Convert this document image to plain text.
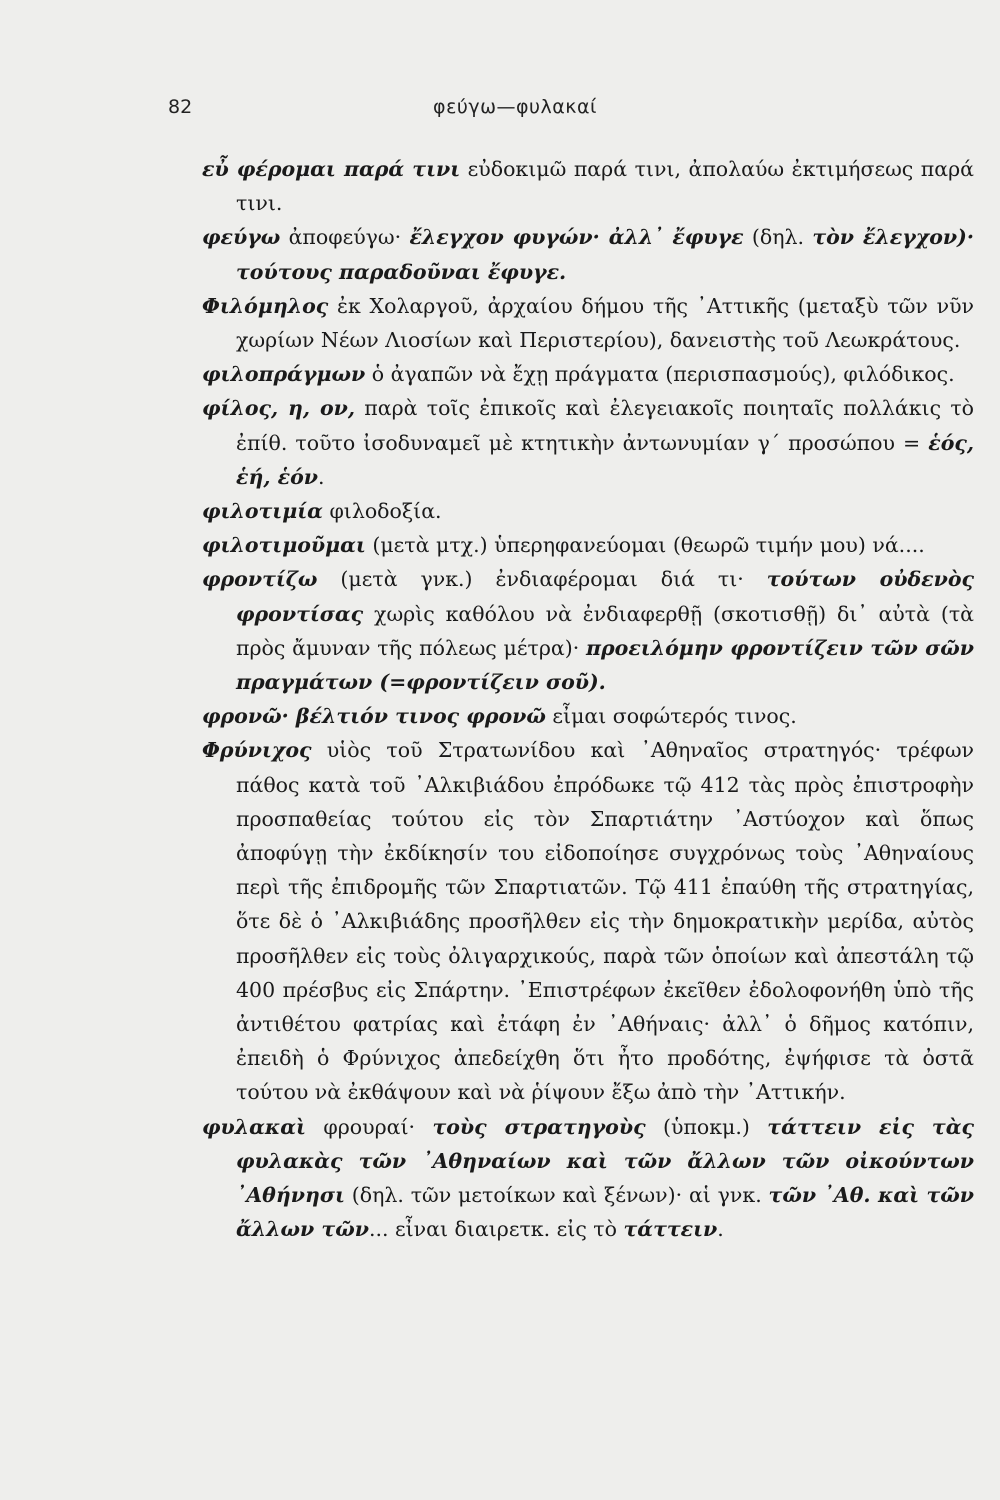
82	φεύγω—φυλακαί

εὖ φέρομαι παρά τινι εὐδοκιμῶ παρά τινι, ἀπολαύω ἐκτιμήσεως παρά τινι.

φεύγω ἀποφεύγω· ἔλεγχον φυγών· ἀλλ᾽ ἔφυγε (δηλ. τὸν ἔλεγχον)· τούτους παραδοῦναι ἔφυγε.

Φιλόμηλος ἐκ Χολαργοῦ, ἀρχαίου δήμου τῆς ᾽Αττικῆς (μεταξὺ τῶν νῦν χωρίων Νέων Λιοσίων καὶ Περιστερίου), δανειστὴς τοῦ Λεωκράτους.

φιλοπράγμων ὁ ἀγαπῶν νὰ ἔχῃ πράγματα (περισπασμούς), φιλόδικος.

φίλος, η, ον, παρὰ τοῖς ἐπικοῖς καὶ ἐλεγειακοῖς ποιηταῖς πολλάκις τὸ ἐπίθ. τοῦτο ἰσοδυναμεῖ μὲ κτητικὴν ἀντωνυμίαν γ΄ προσώπου = ἑός, ἑή, ἑόν.

φιλοτιμία φιλοδοξία.

φιλοτιμοῦμαι (μετὰ μτχ.) ὑπερηφανεύομαι (θεωρῶ τιμήν μου) νά....

φροντίζω (μετὰ γνκ.) ἐνδιαφέρομαι διά τι· τούτων οὐδενὸς φροντίσας χωρὶς καθόλου νὰ ἐνδιαφερθῇ (σκοτισθῇ) δι᾽ αὐτὰ (τὰ πρὸς ἄμυναν τῆς πόλεως μέτρα)· προειλόμην φροντίζειν τῶν σῶν πραγμάτων (=φροντίζειν σοῦ).

φρονῶ· βέλτιόν τινος φρονῶ εἶμαι σοφώτερός τινος.

Φρύνιχος υἱὸς τοῦ Στρατωνίδου καὶ ᾽Αθηναῖος στρατηγός· τρέφων πάθος κατὰ τοῦ ᾽Αλκιβιάδου ἐπρόδωκε τῷ 412 τὰς πρὸς ἐπιστροφὴν προσπαθείας τούτου εἰς τὸν Σπαρτιάτην ᾽Αστύοχον καὶ ὅπως ἀποφύγῃ τὴν ἐκδίκησίν του εἰδοποίησε συγχρόνως τοὺς ᾽Αθηναίους περὶ τῆς ἐπιδρομῆς τῶν Σπαρτιατῶν. Τῷ 411 ἐπαύθη τῆς στρατηγίας, ὅτε δὲ ὁ ᾽Αλκιβιάδης προσῆλθεν εἰς τὴν δημοκρατικὴν μερίδα, αὐτὸς προσῆλθεν εἰς τοὺς ὀλιγαρχικούς, παρὰ τῶν ὁποίων καὶ ἀπεστάλη τῷ 400 πρέσβυς εἰς Σπάρτην. ᾽Επιστρέφων ἐκεῖθεν ἐδολοφονήθη ὑπὸ τῆς ἀντιθέτου φατρίας καὶ ἐτάφη ἐν ᾽Αθήναις· ἀλλ᾽ ὁ δῆμος κατόπιν, ἐπειδὴ ὁ Φρύνιχος ἀπεδείχθη ὅτι ἦτο προδότης, ἐψήφισε τὰ ὀστᾶ τούτου νὰ ἐκθάψουν καὶ νὰ ῥίψουν ἔξω ἀπὸ τὴν ᾽Αττικήν.

φυλακαὶ φρουραί· τοὺς στρατηγοὺς (ὑποκμ.) τάττειν εἰς τὰς φυλακὰς τῶν ᾽Αθηναίων καὶ τῶν ἄλλων τῶν οἰκούντων ᾽Αθήνησι (δηλ. τῶν μετοίκων καὶ ξένων)· αἱ γνκ. τῶν ᾽Αθ. καὶ τῶν ἄλλων τῶν... εἶναι διαιρετκ. εἰς τὸ τάττειν.
